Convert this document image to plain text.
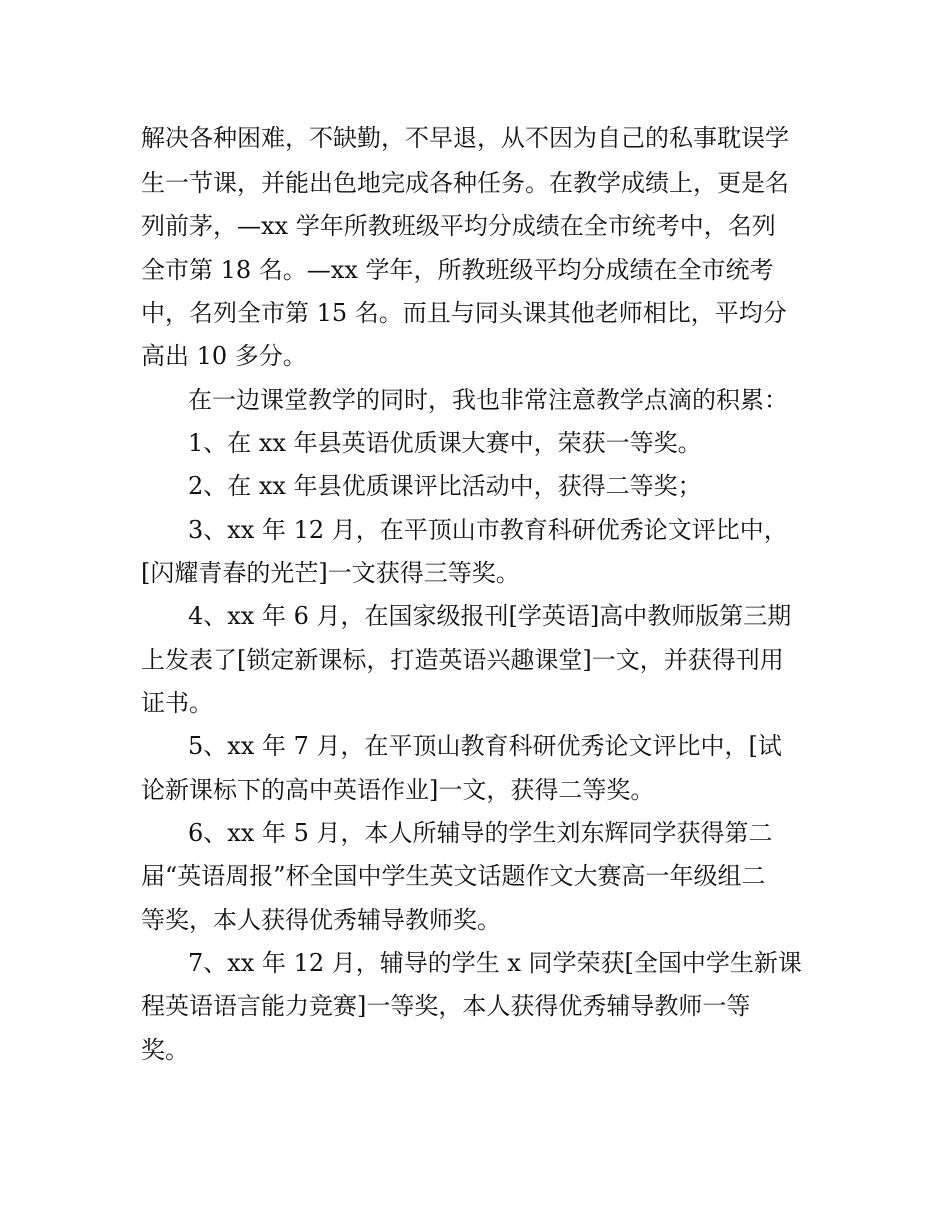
解决各种困难，不缺勤，不早退，从不因为自己的私事耽误学
生一节课，并能出色地完成各种任务。在教学成绩上，更是名
列前茅，—xx 学年所教班级平均分成绩在全市统考中，名列
全市第 18 名。—xx 学年，所教班级平均分成绩在全市统考
中，名列全市第 15 名。而且与同头课其他老师相比，平均分
高出 10 多分。
在一边课堂教学的同时，我也非常注意教学点滴的积累：
1、在 xx 年县英语优质课大赛中，荣获一等奖。
2、在 xx 年县优质课评比活动中，获得二等奖；
3、xx 年 12 月，在平顶山市教育科研优秀论文评比中，
[闪耀青春的光芒]一文获得三等奖。
4、xx 年 6 月，在国家级报刊[学英语]高中教师版第三期
上发表了[锁定新课标，打造英语兴趣课堂]一文，并获得刊用
证书。
5、xx 年 7 月，在平顶山教育科研优秀论文评比中，[试
论新课标下的高中英语作业]一文，获得二等奖。
6、xx 年 5 月，本人所辅导的学生刘东辉同学获得第二
届“英语周报”杯全国中学生英文话题作文大赛高一年级组二
等奖，本人获得优秀辅导教师奖。
7、xx 年 12 月，辅导的学生 x 同学荣获[全国中学生新课
程英语语言能力竞赛]一等奖，本人获得优秀辅导教师一等
奖。
